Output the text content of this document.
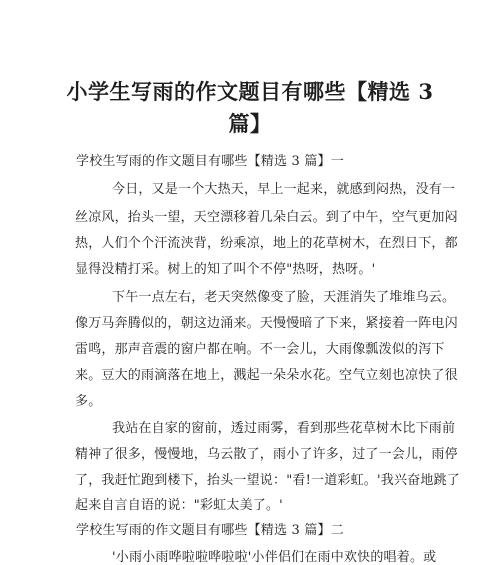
小学生写雨的作文题目有哪些【精选 3
篇】
学校生写雨的作文题目有哪些【精选 3 篇】一
今日，又是一个大热天，早上一起来，就感到闷热，没有一
丝凉风，抬头一望，天空漂移着几朵白云。到了中午，空气更加闷
热，人们个个汗流浃背，纷乘凉，地上的花草树木，在烈日下，都
显得没精打采。树上的知了叫个不停"热呀，热呀。'
下午一点左右，老天突然像变了脸，天涯消失了堆堆乌云。
像万马奔腾似的，朝这边涌来。天慢慢暗了下来，紧接着一阵电闪
雷鸣，那声音震的窗户都在响。不一会儿，大雨像瓢泼似的泻下
来。豆大的雨滴落在地上，溅起一朵朵水花。空气立刻也凉快了很
多。
我站在自家的窗前，透过雨雾，看到那些花草树木比下雨前
精神了很多，慢慢地，乌云散了，雨小了许多，过了一会儿，雨停
了，我赶忙跑到楼下，抬头一望说："看!一道彩虹。'我兴奋地跳了
起来自言自语的说："彩虹太美了。'
学校生写雨的作文题目有哪些【精选 3 篇】二
'小雨小雨哗啦啦哗啦啦'小伴侣们在雨中欢快的唱着。或
